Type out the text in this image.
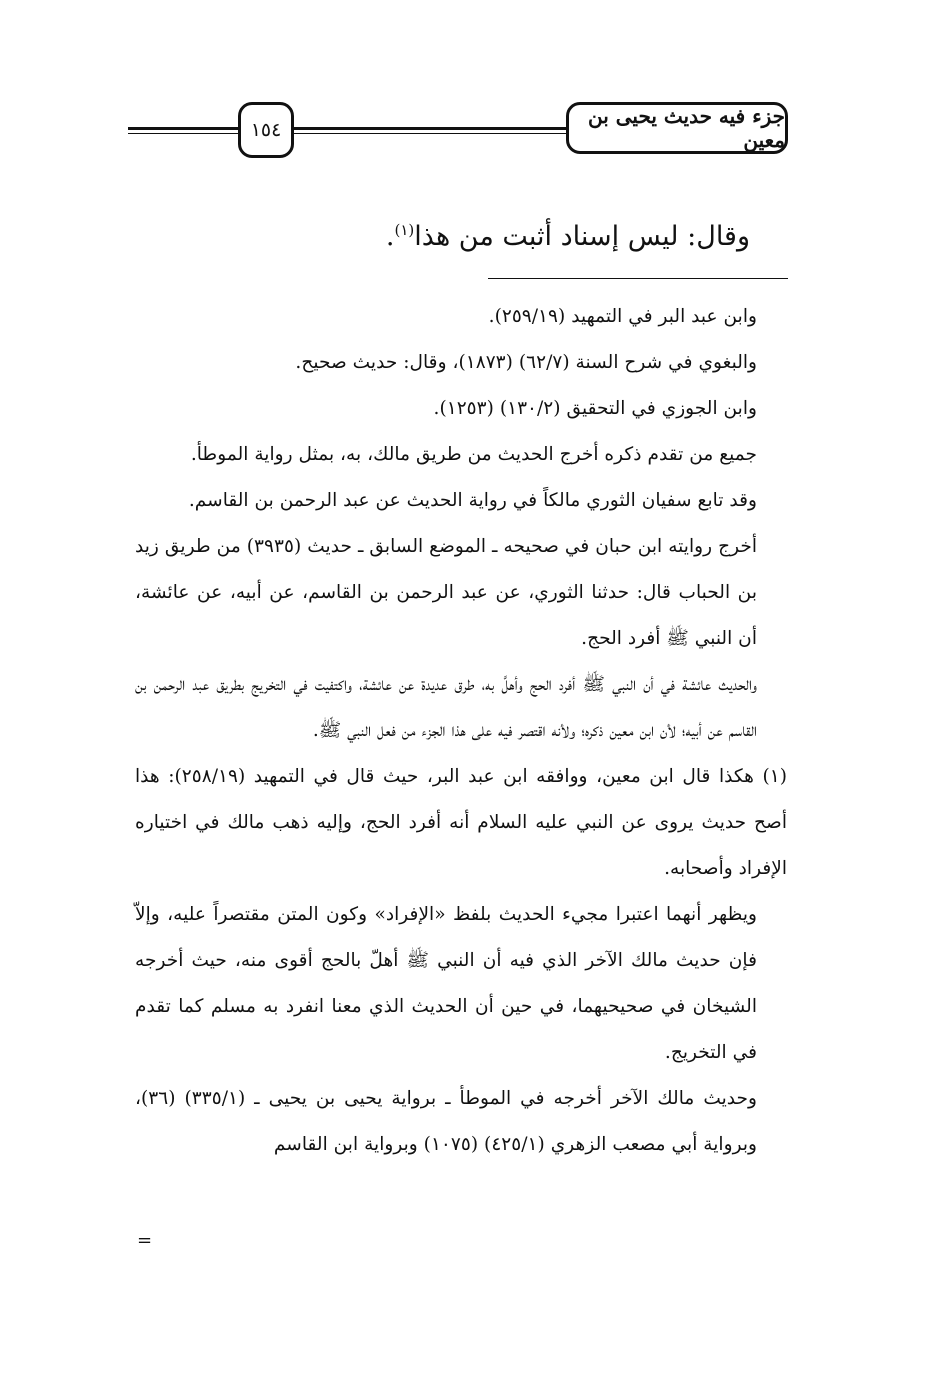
١٥٤
جزء فيه حديث يحيى بن معين
وقال: ليس إسناد أثبت من هذا$^{(١)}$.

وابن عبد البر في التمهيد (٢٥٩/١٩).

والبغوي في شرح السنة (٦٢/٧) (١٨٧٣)، وقال: حديث صحيح.

وابن الجوزي في التحقيق (١٣٠/٢) (١٢٥٣).

جميع من تقدم ذكره أخرج الحديث من طريق مالك، به، بمثل رواية الموطأ.

وقد تابع سفيان الثوري مالكاً في رواية الحديث عن عبد الرحمن بن القاسم.

أخرج روايته ابن حبان في صحيحه ـ الموضع السابق ـ حديث (٣٩٣٥) من طريق زيد بن الحباب قال: حدثنا الثوري، عن عبد الرحمن بن القاسم، عن أبيه، عن عائشة، أن النبي ﷺ أفرد الحج.

والحديث عائشة في أن النبي ﷺ أفرد الحج وأهلَّ به، طرق عديدة عن عائشة، واكتفيت في التخريج بطريق عبد الرحمن بن القاسم عن أبيه؛ لأن ابن معين ذكره؛ ولأنه اقتصر فيه على هذا الجزء من فعل النبي ﷺ.

(١) هكذا قال ابن معين، ووافقه ابن عبد البر، حيث قال في التمهيد (٢٥٨/١٩): هذا أصح حديث يروى عن النبي عليه السلام أنه أفرد الحج، وإليه ذهب مالك في اختياره الإفراد وأصحابه.

ويظهر أنهما اعتبرا مجيء الحديث بلفظ «الإفراد» وكون المتن مقتصراً عليه، وإلاّ فإن حديث مالك الآخر الذي فيه أن النبي ﷺ أهلّ بالحج أقوى منه، حيث أخرجه الشيخان في صحيحيهما، في حين أن الحديث الذي معنا انفرد به مسلم كما تقدم في التخريج.

وحديث مالك الآخر أخرجه في الموطأ ـ برواية يحيى بن يحيى ـ (٣٣٥/١) (٣٦)، وبرواية أبي مصعب الزهري (٤٢٥/١) (١٠٧٥) وبرواية ابن القاسم

=
